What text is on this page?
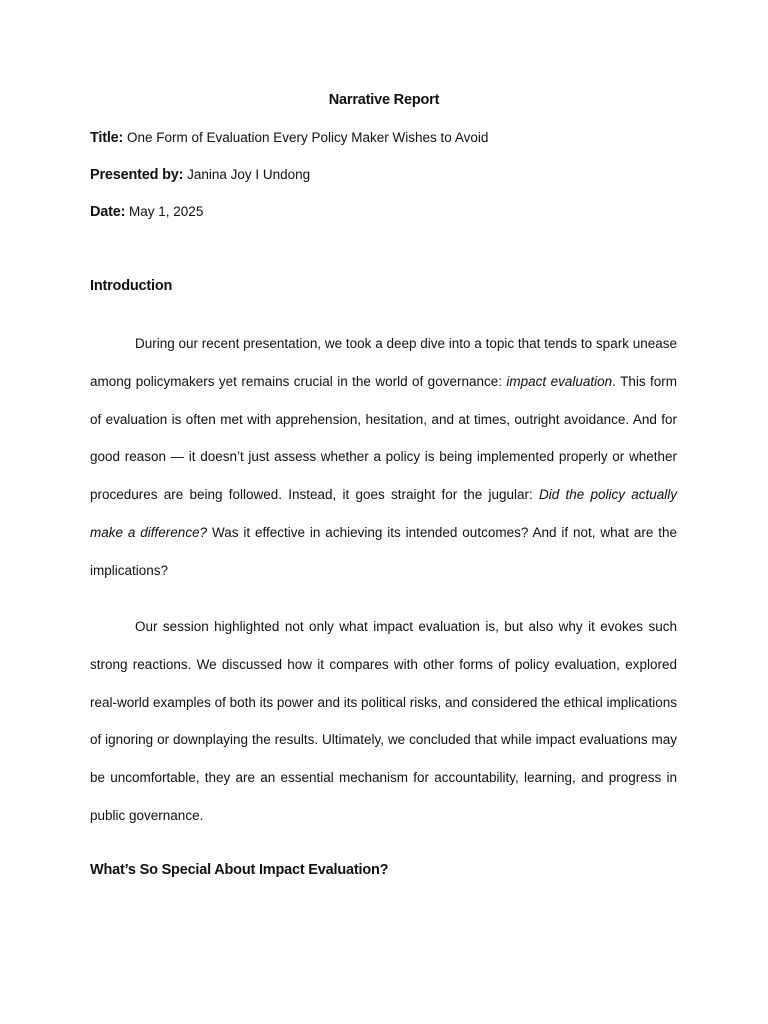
Narrative Report
Title: One Form of Evaluation Every Policy Maker Wishes to Avoid
Presented by: Janina Joy I Undong
Date: May 1, 2025
Introduction

During our recent presentation, we took a deep dive into a topic that tends to spark unease among policymakers yet remains crucial in the world of governance: impact evaluation. This form of evaluation is often met with apprehension, hesitation, and at times, outright avoidance. And for good reason — it doesn’t just assess whether a policy is being implemented properly or whether procedures are being followed. Instead, it goes straight for the jugular: Did the policy actually make a difference? Was it effective in achieving its intended outcomes? And if not, what are the implications?

Our session highlighted not only what impact evaluation is, but also why it evokes such strong reactions. We discussed how it compares with other forms of policy evaluation, explored real-world examples of both its power and its political risks, and considered the ethical implications of ignoring or downplaying the results. Ultimately, we concluded that while impact evaluations may be uncomfortable, they are an essential mechanism for accountability, learning, and progress in public governance.

What’s So Special About Impact Evaluation?
